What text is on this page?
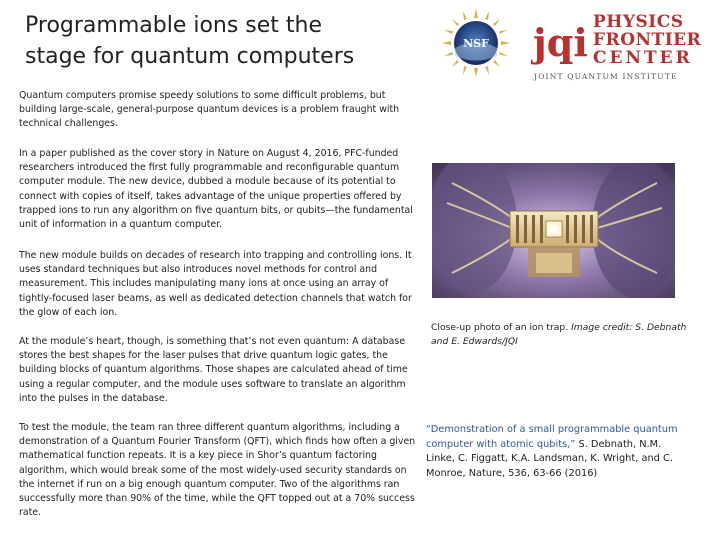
Programmable ions set the
stage for quantum computers
NSF jqi PHYSICS
FRONTIER
CENTER
JOINT QUANTUM INSTITUTE

Quantum computers promise speedy solutions to some difficult problems, but building large-scale, general-purpose quantum devices is a problem fraught with technical challenges.

In a paper published as the cover story in Nature on August 4, 2016, PFC-funded researchers introduced the first fully programmable and reconfigurable quantum computer module. The new device, dubbed a module because of its potential to connect with copies of itself, takes advantage of the unique properties offered by trapped ions to run any algorithm on five quantum bits, or qubits—the fundamental unit of information in a quantum computer.

The new module builds on decades of research into trapping and controlling ions. It uses standard techniques but also introduces novel methods for control and measurement. This includes manipulating many ions at once using an array of tightly-focused laser beams, as well as dedicated detection channels that watch for the glow of each ion.

At the module’s heart, though, is something that’s not even quantum: A database stores the best shapes for the laser pulses that drive quantum logic gates, the building blocks of quantum algorithms. Those shapes are calculated ahead of time using a regular computer, and the module uses software to translate an algorithm into the pulses in the database.

To test the module, the team ran three different quantum algorithms, including a demonstration of a Quantum Fourier Transform (QFT), which finds how often a given mathematical function repeats. It is a key piece in Shor’s quantum factoring algorithm, which would break some of the most widely-used security standards on the internet if run on a big enough quantum computer. Two of the algorithms ran successfully more than 90% of the time, while the QFT topped out at a 70% success rate.

Close-up photo of an ion trap. Image credit: S. Debnath and E. Edwards/JQI
“Demonstration of a small programmable quantum computer with atomic qubits,” S. Debnath, N.M. Linke, C. Figgatt, K.A. Landsman, K. Wright, and C. Monroe, Nature, 536, 63-66 (2016)
